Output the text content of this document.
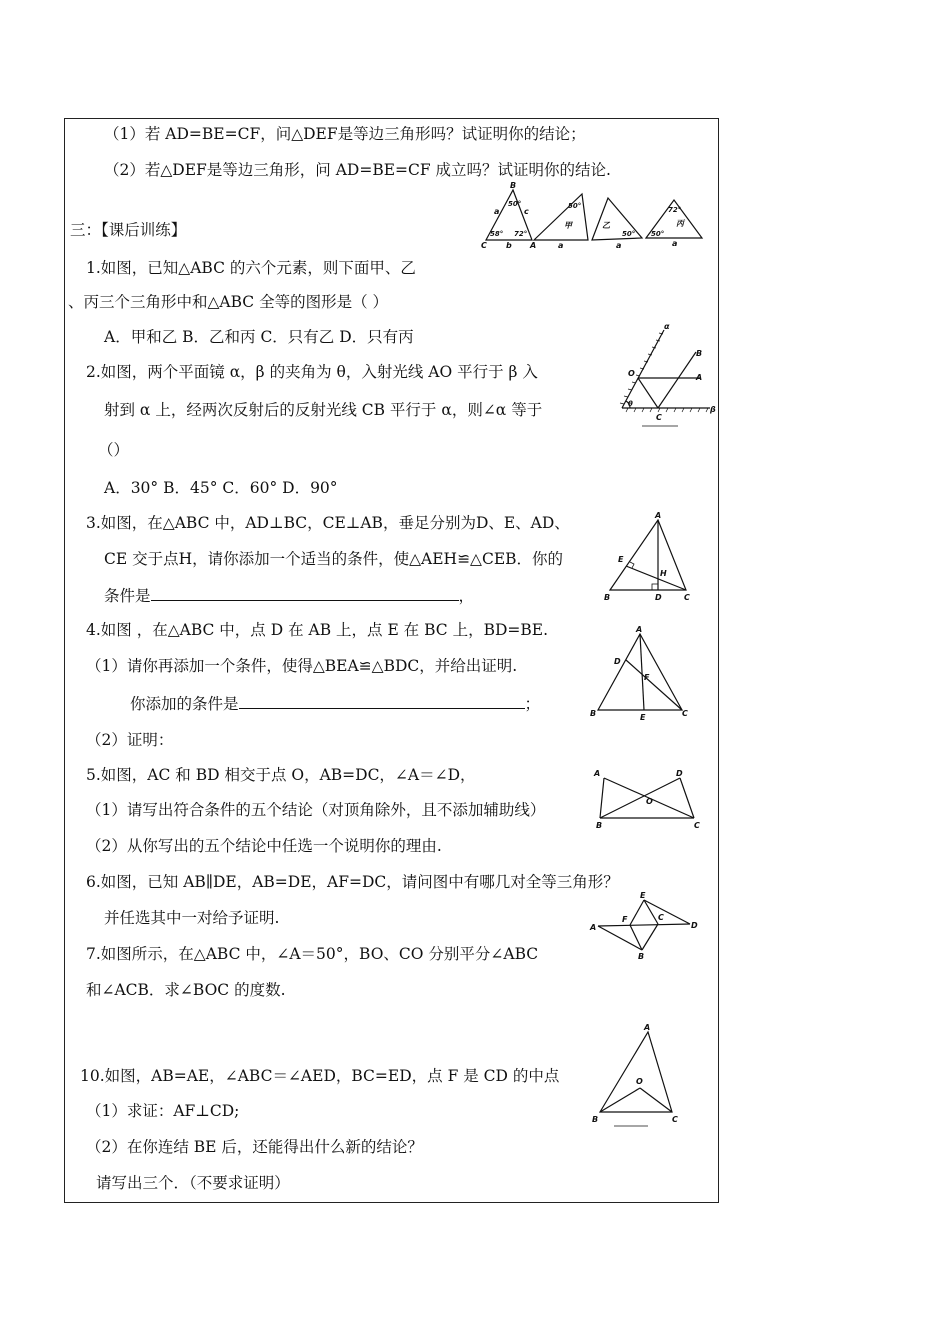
（1）若 AD=BE=CF，问△DEF是等边三角形吗？试证明你的结论；
（2）若△DEF是等边三角形，问 AD=BE=CF 成立吗？试证明你的结论.
三：【课后训练】
1.如图，已知△ABC 的六个元素，则下面甲、乙
、丙三个三角形中和△ABC 全等的图形是（ ）
A．甲和乙 B．乙和丙 C．只有乙 D．只有丙
2.如图，两个平面镜 α，β 的夹角为 θ，入射光线 AO 平行于 β 入
射到 α 上，经两次反射后的反射光线 CB 平行于 α，则∠α 等于
（）
A．30° B．45° C．60° D．90°
3.如图，在△ABC 中，AD⊥BC，CE⊥AB，垂足分别为D、E、AD、
CE 交于点H，请你添加一个适当的条件，使△AEH≌△CEB．你的
条件是	，
4.如图 ，在△ABC 中，点 D 在 AB 上，点 E 在 BC 上，BD=BE.
（1）请你再添加一个条件，使得△BEA≌△BDC，并给出证明.
你添加的条件是	；
（2）证明：
5.如图，AC 和 BD 相交于点 O，AB=DC，∠A＝∠D，
（1）请写出符合条件的五个结论（对顶角除外，且不添加辅助线）
（2）从你写出的五个结论中任选一个说明你的理由.
6.如图，已知 AB∥DE，AB=DE，AF=DC，请问图中有哪几对全等三角形？
并任选其中一对给予证明.
7.如图所示，在△ABC 中，∠A＝50°，BO、CO 分别平分∠ABC
和∠ACB．求∠BOC 的度数.
10.如图，AB=AE，∠ABC＝∠AED，BC=ED，点 F 是 CD 的中点
（1）求证：AF⊥CD;
（2）在你连结 BE 后，还能得出什么新的结论？
请写出三个．（不要求证明）
B
A
C
a
b
c
50°
58° 72°
50°
甲
a
乙
50°
a
72°
丙
50°
a
α
β
O	A
B
C
θ
A
E
H
B	D	C
A
D
F
B	E	C
A	D
O
B	C
E
F	C
A	D
B
A
O
B	C
